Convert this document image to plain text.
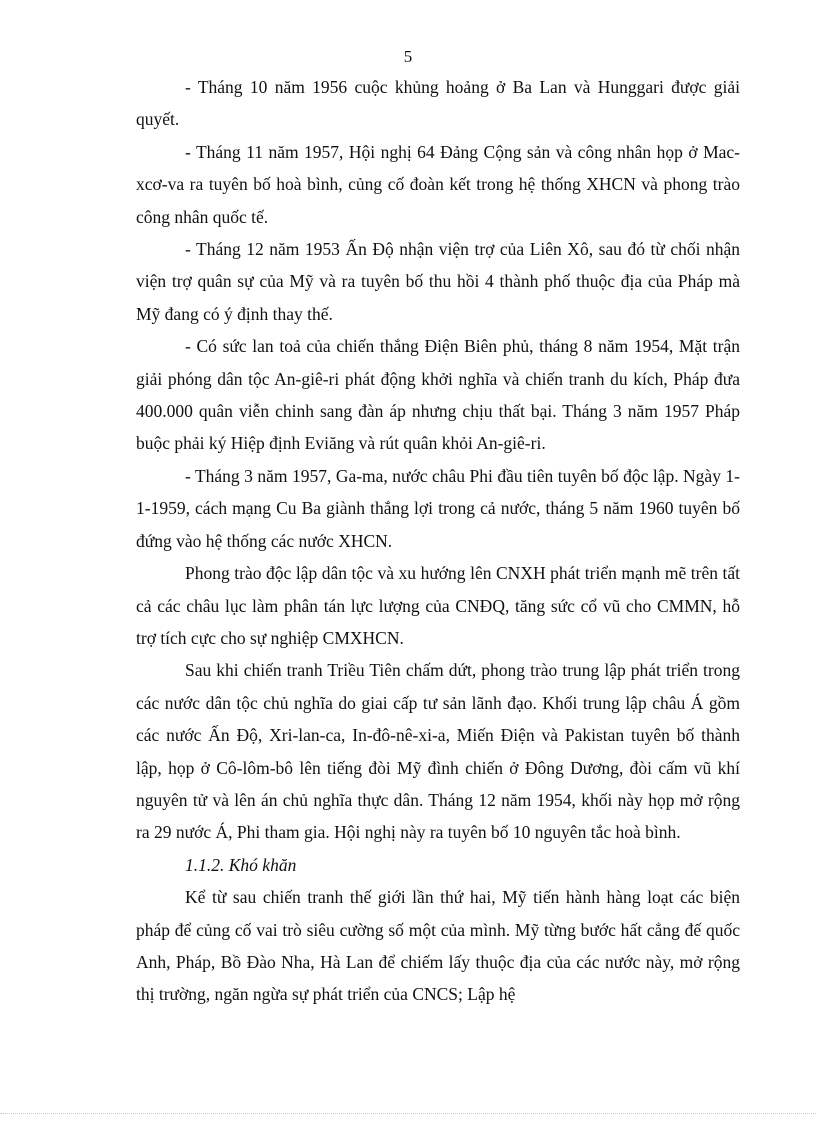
5

- Tháng 10 năm 1956 cuộc khủng hoảng ở Ba Lan và Hunggari được giải quyết.

- Tháng 11 năm 1957, Hội nghị 64 Đảng Cộng sản và công nhân họp ở Mac-xcơ-va ra tuyên bố hoà bình, củng cố đoàn kết trong hệ thống XHCN và phong trào công nhân quốc tế.

- Tháng 12 năm 1953 Ấn Độ nhận viện trợ của Liên Xô, sau đó từ chối nhận viện trợ quân sự của Mỹ và ra tuyên bố thu hồi 4 thành phố thuộc địa của Pháp mà Mỹ đang có ý định thay thế.

- Có sức lan toả của chiến thắng Điện Biên phủ, tháng 8 năm 1954, Mặt trận giải phóng dân tộc An-giê-ri phát động khởi nghĩa và chiến tranh du kích, Pháp đưa 400.000 quân viễn chinh sang đàn áp nhưng chịu thất bại. Tháng 3 năm 1957 Pháp buộc phải ký Hiệp định Eviăng và rút quân khỏi An-giê-ri.

- Tháng 3 năm 1957, Ga-ma, nước châu Phi đầu tiên tuyên bố độc lập. Ngày 1-1-1959, cách mạng Cu Ba giành thắng lợi trong cả nước, tháng 5 năm 1960 tuyên bố đứng vào hệ thống các nước XHCN.

Phong trào độc lập dân tộc và xu hướng lên CNXH phát triển mạnh mẽ trên tất cả các châu lục làm phân tán lực lượng của CNĐQ, tăng sức cổ vũ cho CMMN, hỗ trợ tích cực cho sự nghiệp CMXHCN.

Sau khi chiến tranh Triều Tiên chấm dứt, phong trào trung lập phát triển trong các nước dân tộc chủ nghĩa do giai cấp tư sản lãnh đạo. Khối trung lập châu Á gồm các nước Ấn Độ, Xri-lan-ca, In-đô-nê-xi-a, Miến Điện và Pakistan tuyên bố thành lập, họp ở Cô-lôm-bô lên tiếng đòi Mỹ đình chiến ở Đông Dương, đòi cấm vũ khí nguyên tử và lên án chủ nghĩa thực dân. Tháng 12 năm 1954, khối này họp mở rộng ra 29 nước Á, Phi tham gia. Hội nghị này ra tuyên bố 10 nguyên tắc hoà bình.

1.1.2. Khó khăn

Kể từ sau chiến tranh thế giới lần thứ hai, Mỹ tiến hành hàng loạt các biện pháp để củng cố vai trò siêu cường số một của mình. Mỹ từng bước hất cẳng đế quốc Anh, Pháp, Bồ Đào Nha, Hà Lan để chiếm lấy thuộc địa của các nước này, mở rộng thị trường, ngăn ngừa sự phát triển của CNCS; Lập hệ
